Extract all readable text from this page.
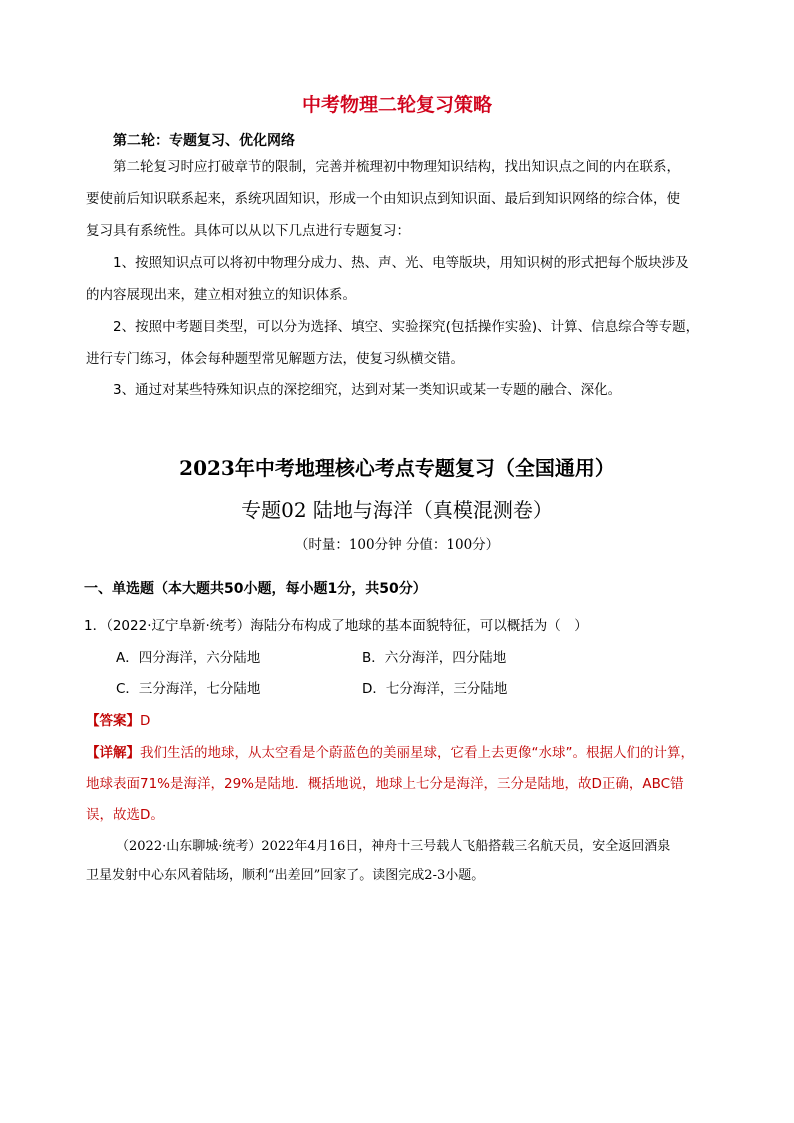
中考物理二轮复习策略
第二轮：专题复习、优化网络
第二轮复习时应打破章节的限制，完善并梳理初中物理知识结构，找出知识点之间的内在联系，
要使前后知识联系起来，系统巩固知识，形成一个由知识点到知识面、最后到知识网络的综合体，使
复习具有系统性。具体可以从以下几点进行专题复习：
1、按照知识点可以将初中物理分成力、热、声、光、电等版块，用知识树的形式把每个版块涉及
的内容展现出来，建立相对独立的知识体系。
2、按照中考题目类型，可以分为选择、填空、实验探究(包括操作实验)、计算、信息综合等专题，
进行专门练习，体会每种题型常见解题方法，使复习纵横交错。
3、通过对某些特殊知识点的深挖细究，达到对某一类知识或某一专题的融合、深化。
2023年中考地理核心考点专题复习（全国通用）
专题02 陆地与海洋（真模混测卷）
（时量：100分钟 分值：100分）
一、单选题（本大题共50小题，每小题1分，共50分）
1．（2022·辽宁阜新·统考）海陆分布构成了地球的基本面貌特征，可以概括为（　）
A．四分海洋，六分陆地	B．六分海洋，四分陆地
C．三分海洋，七分陆地	D．七分海洋，三分陆地
【答案】D
【详解】我们生活的地球，从太空看是个蔚蓝色的美丽星球，它看上去更像“水球”。根据人们的计算，
地球表面71%是海洋，29%是陆地．概括地说，地球上七分是海洋，三分是陆地，故D正确，ABC错
误，故选D。
（2022·山东聊城·统考）2022年4月16日，神舟十三号载人飞船搭载三名航天员，安全返回酒泉
卫星发射中心东风着陆场，顺利“出差回”回家了。读图完成2-3小题。
